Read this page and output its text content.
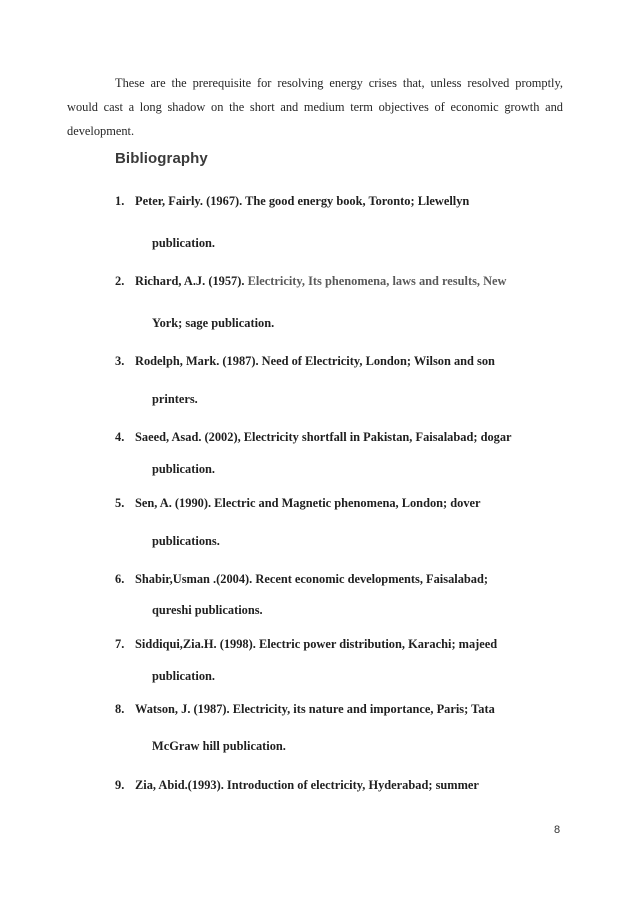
These are the prerequisite for resolving energy crises that, unless resolved promptly, would cast a long shadow on the short and medium term objectives of economic growth and development.

Bibliography
1. Peter, Fairly. (1967). The good energy book, Toronto; Llewellyn
publication.
2. Richard, A.J. (1957). Electricity, Its phenomena, laws and results, New
York; sage publication.
3. Rodelph, Mark. (1987). Need of Electricity, London; Wilson and son
printers.
4. Saeed, Asad. (2002), Electricity shortfall in Pakistan, Faisalabad; dogar
publication.
5. Sen, A. (1990). Electric and Magnetic phenomena, London; dover
publications.
6. Shabir,Usman .(2004). Recent economic developments, Faisalabad;
qureshi publications.
7. Siddiqui,Zia.H. (1998). Electric power distribution, Karachi; majeed
publication.
8. Watson, J. (1987). Electricity, its nature and importance, Paris; Tata
McGraw hill publication.
9. Zia, Abid.(1993). Introduction of electricity, Hyderabad; summer
8
